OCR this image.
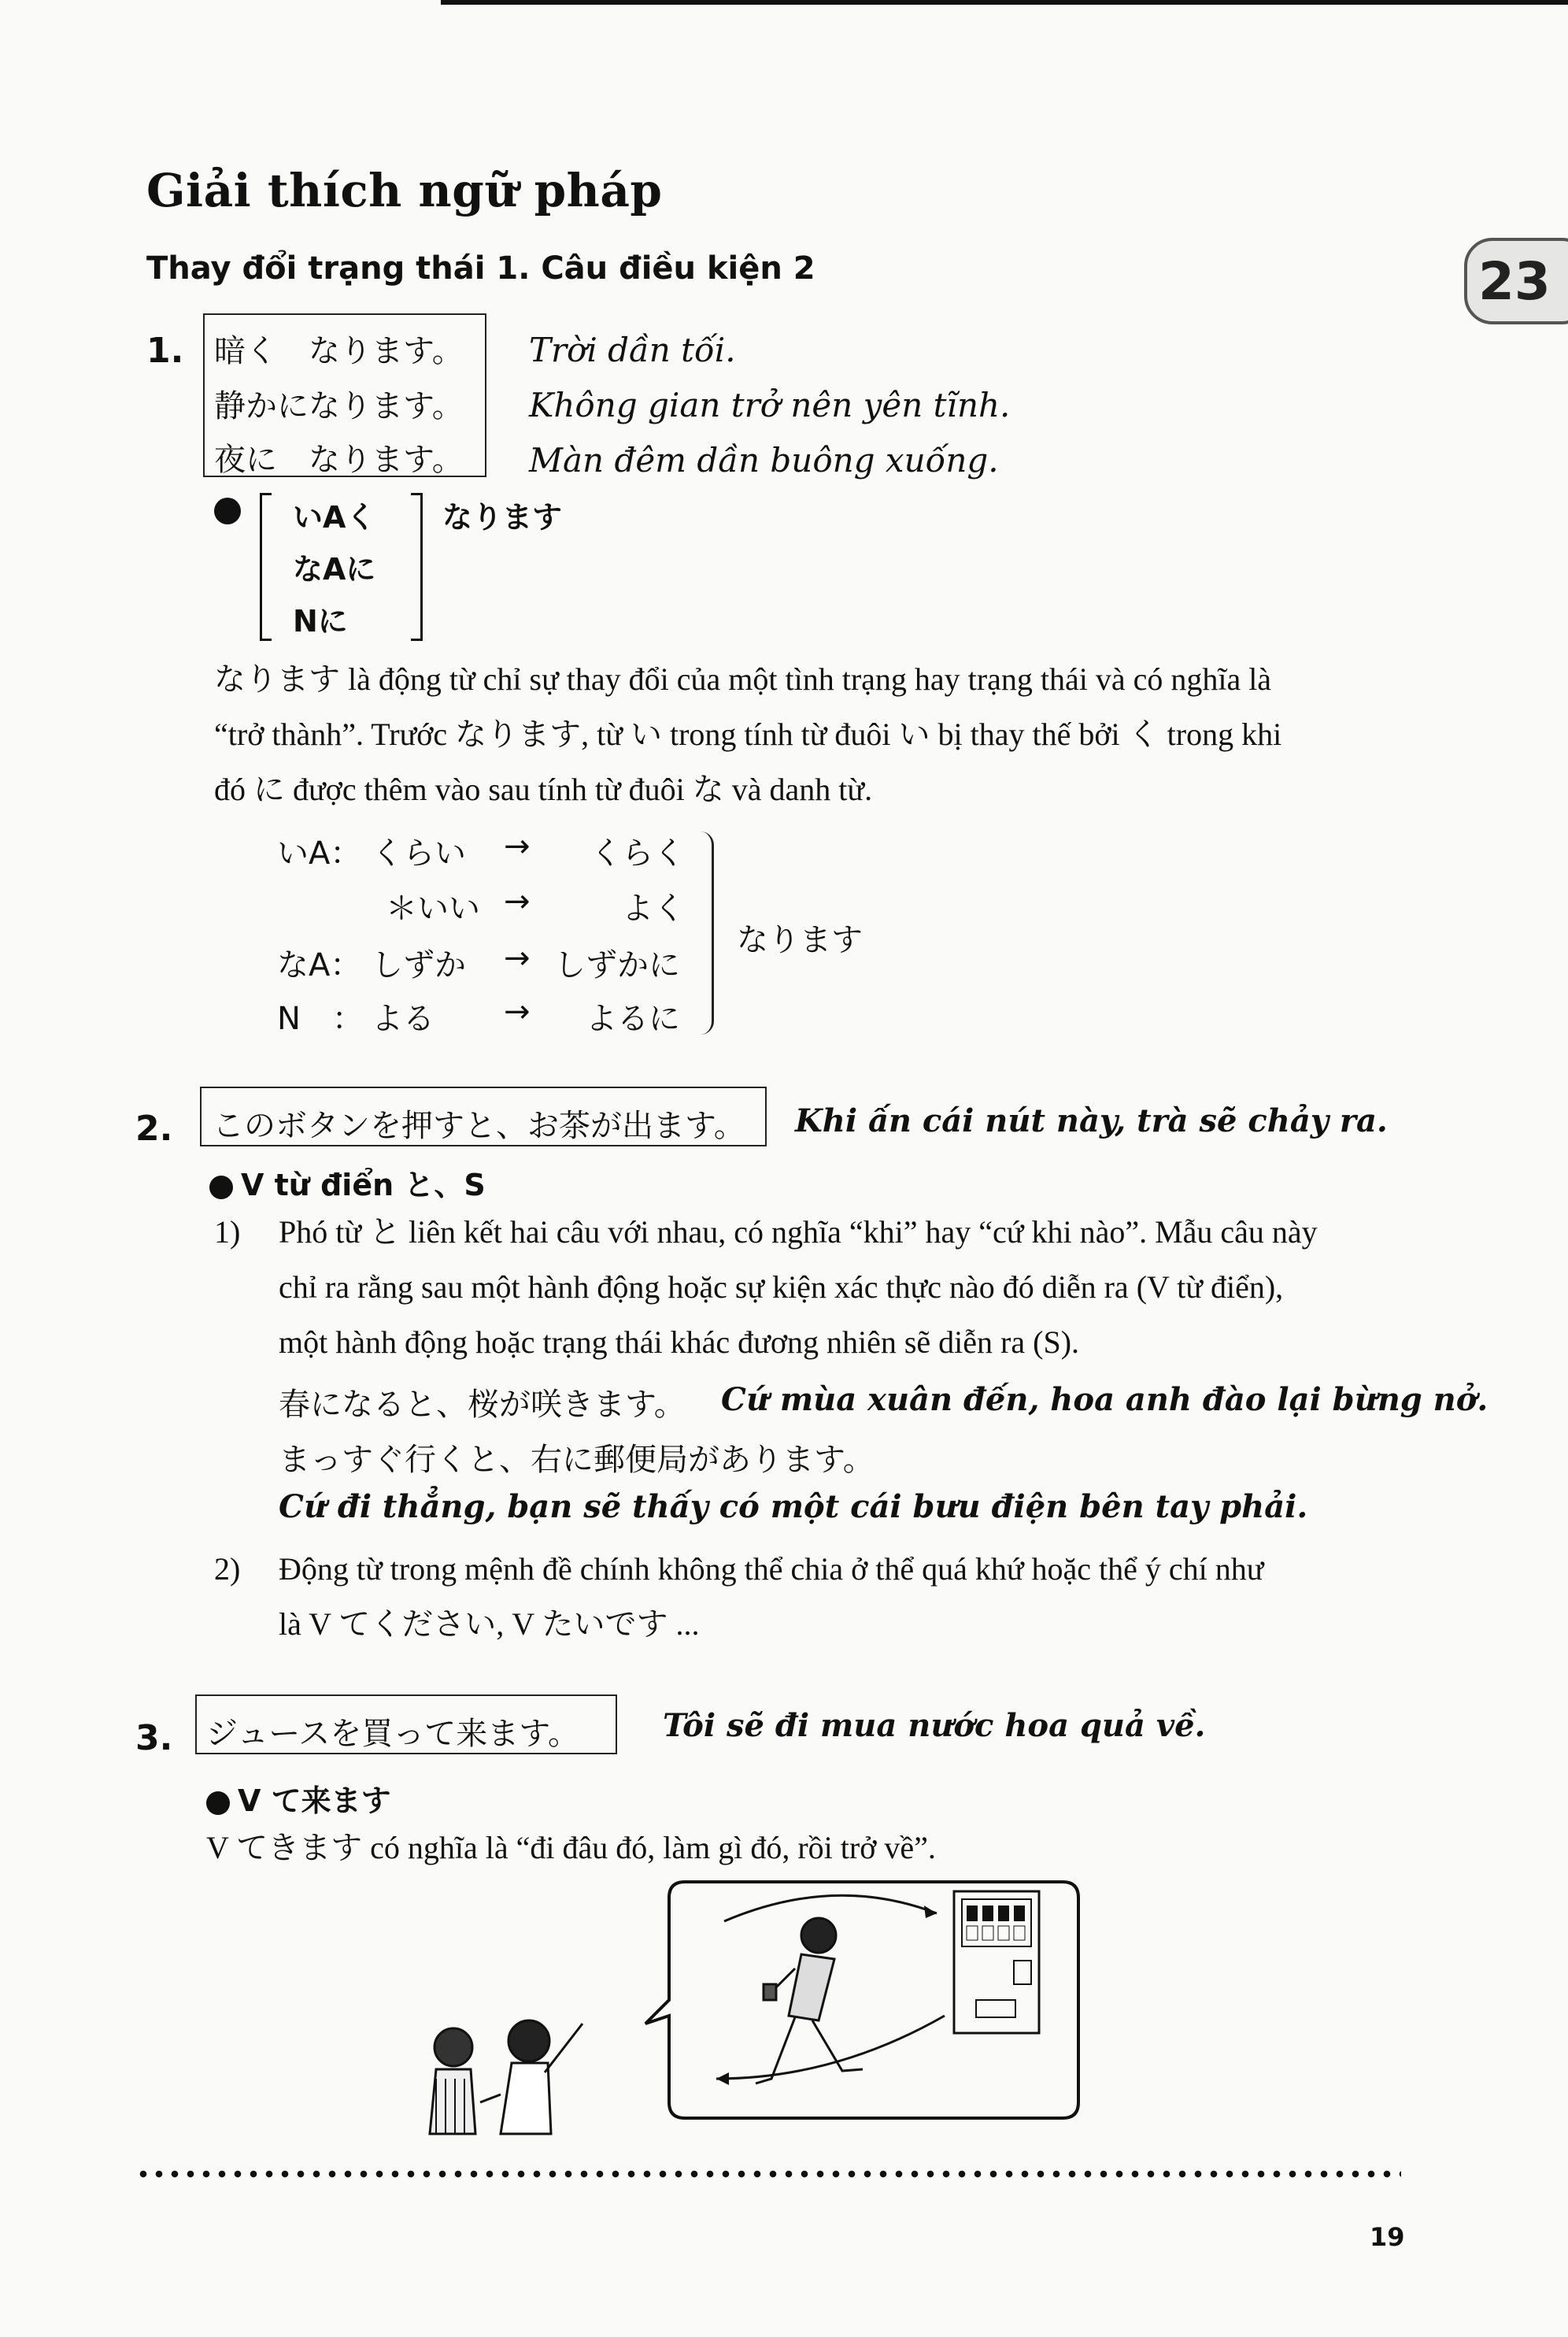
Giải thích ngữ pháp
Thay đổi trạng thái 1. Câu điều kiện 2	23
1. 暗く　なります。
静かになります。
夜に　なります。
Trời dần tối.
Không gian trở nên yên tĩnh.
Màn đêm dần buông xuống.
いAく
なAに
Nに
なります
なります là động từ chỉ sự thay đổi của một tình trạng hay trạng thái và có nghĩa là
“trở thành”. Trước なります, từ い trong tính từ đuôi い bị thay thế bởi く trong khi
đó に được thêm vào sau tính từ đuôi な và danh từ.
いA： くらい → くらく
＊いい →	よく
なA： しずか → しずかに
N　： よる → よるに
なります
2. このボタンを押すと、お茶が出ます。 Khi ấn cái nút này, trà sẽ chảy ra.
V từ điển と、S
1) Phó từ と liên kết hai câu với nhau, có nghĩa “khi” hay “cứ khi nào”. Mẫu câu này
chỉ ra rằng sau một hành động hoặc sự kiện xác thực nào đó diễn ra (V từ điển),
một hành động hoặc trạng thái khác đương nhiên sẽ diễn ra (S).
春になると、桜が咲きます。 Cứ mùa xuân đến, hoa anh đào lại bừng nở.
まっすぐ行くと、右に郵便局があります。
Cứ đi thẳng, bạn sẽ thấy có một cái bưu điện bên tay phải.
2) Động từ trong mệnh đề chính không thể chia ở thể quá khứ hoặc thể ý chí như
là V てください, V たいです ...
3. ジュースを買って来ます。	Tôi sẽ đi mua nước hoa quả về.
V て来ます
V てきます có nghĩa là “đi đâu đó, làm gì đó, rồi trở về”.
19
